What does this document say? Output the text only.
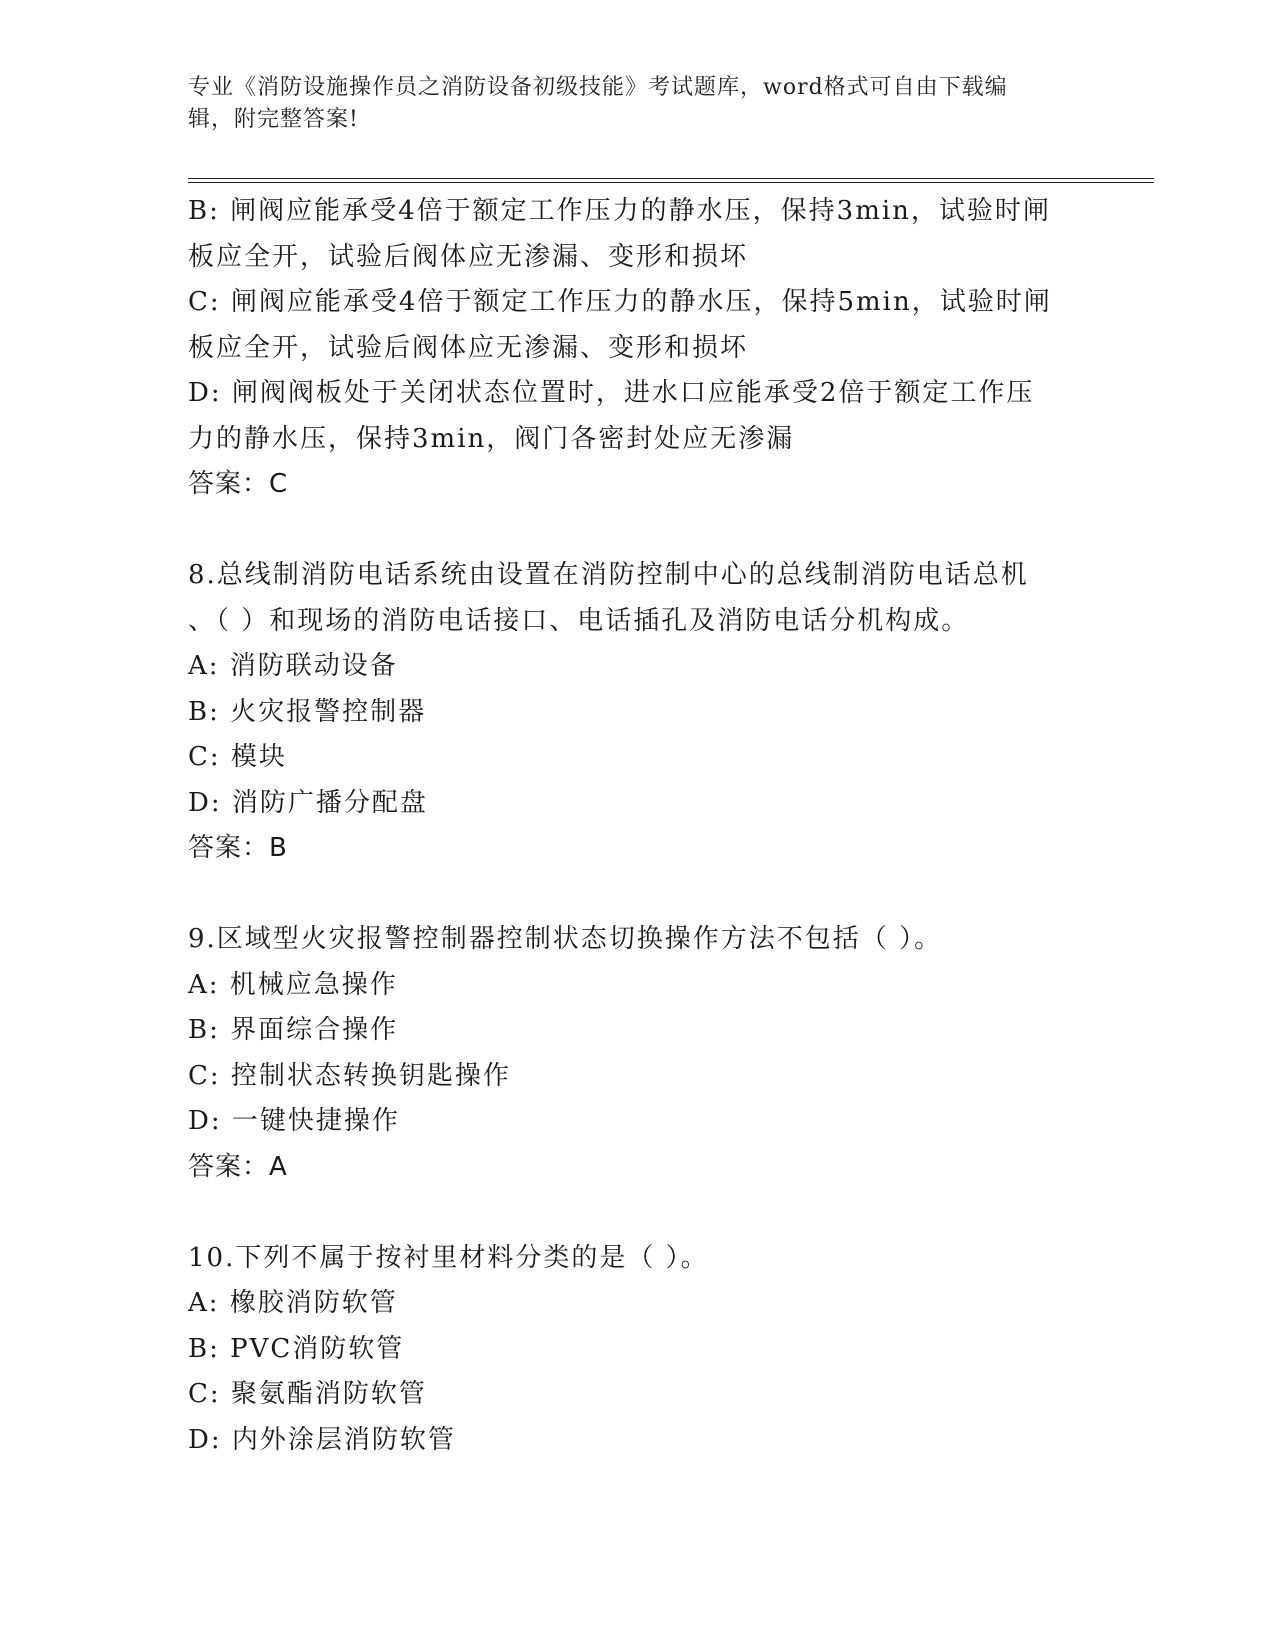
专业《消防设施操作员之消防设备初级技能》考试题库，word格式可自由下载编
辑，附完整答案!
B: 闸阀应能承受4倍于额定工作压力的静水压，保持3min，试验时闸
板应全开，试验后阀体应无渗漏、变形和损坏
C: 闸阀应能承受4倍于额定工作压力的静水压，保持5min，试验时闸
板应全开，试验后阀体应无渗漏、变形和损坏
D: 闸阀阀板处于关闭状态位置时，进水口应能承受2倍于额定工作压
力的静水压，保持3min，阀门各密封处应无渗漏
答案：C
8.总线制消防电话系统由设置在消防控制中心的总线制消防电话总机
、（ ）和现场的消防电话接口、电话插孔及消防电话分机构成。
A: 消防联动设备
B: 火灾报警控制器
C: 模块
D: 消防广播分配盘
答案：B
9.区域型火灾报警控制器控制状态切换操作方法不包括（ ）。
A: 机械应急操作
B: 界面综合操作
C: 控制状态转换钥匙操作
D: 一键快捷操作
答案：A
10.下列不属于按衬里材料分类的是（ ）。
A: 橡胶消防软管
B: PVC消防软管
C: 聚氨酯消防软管
D: 内外涂层消防软管
